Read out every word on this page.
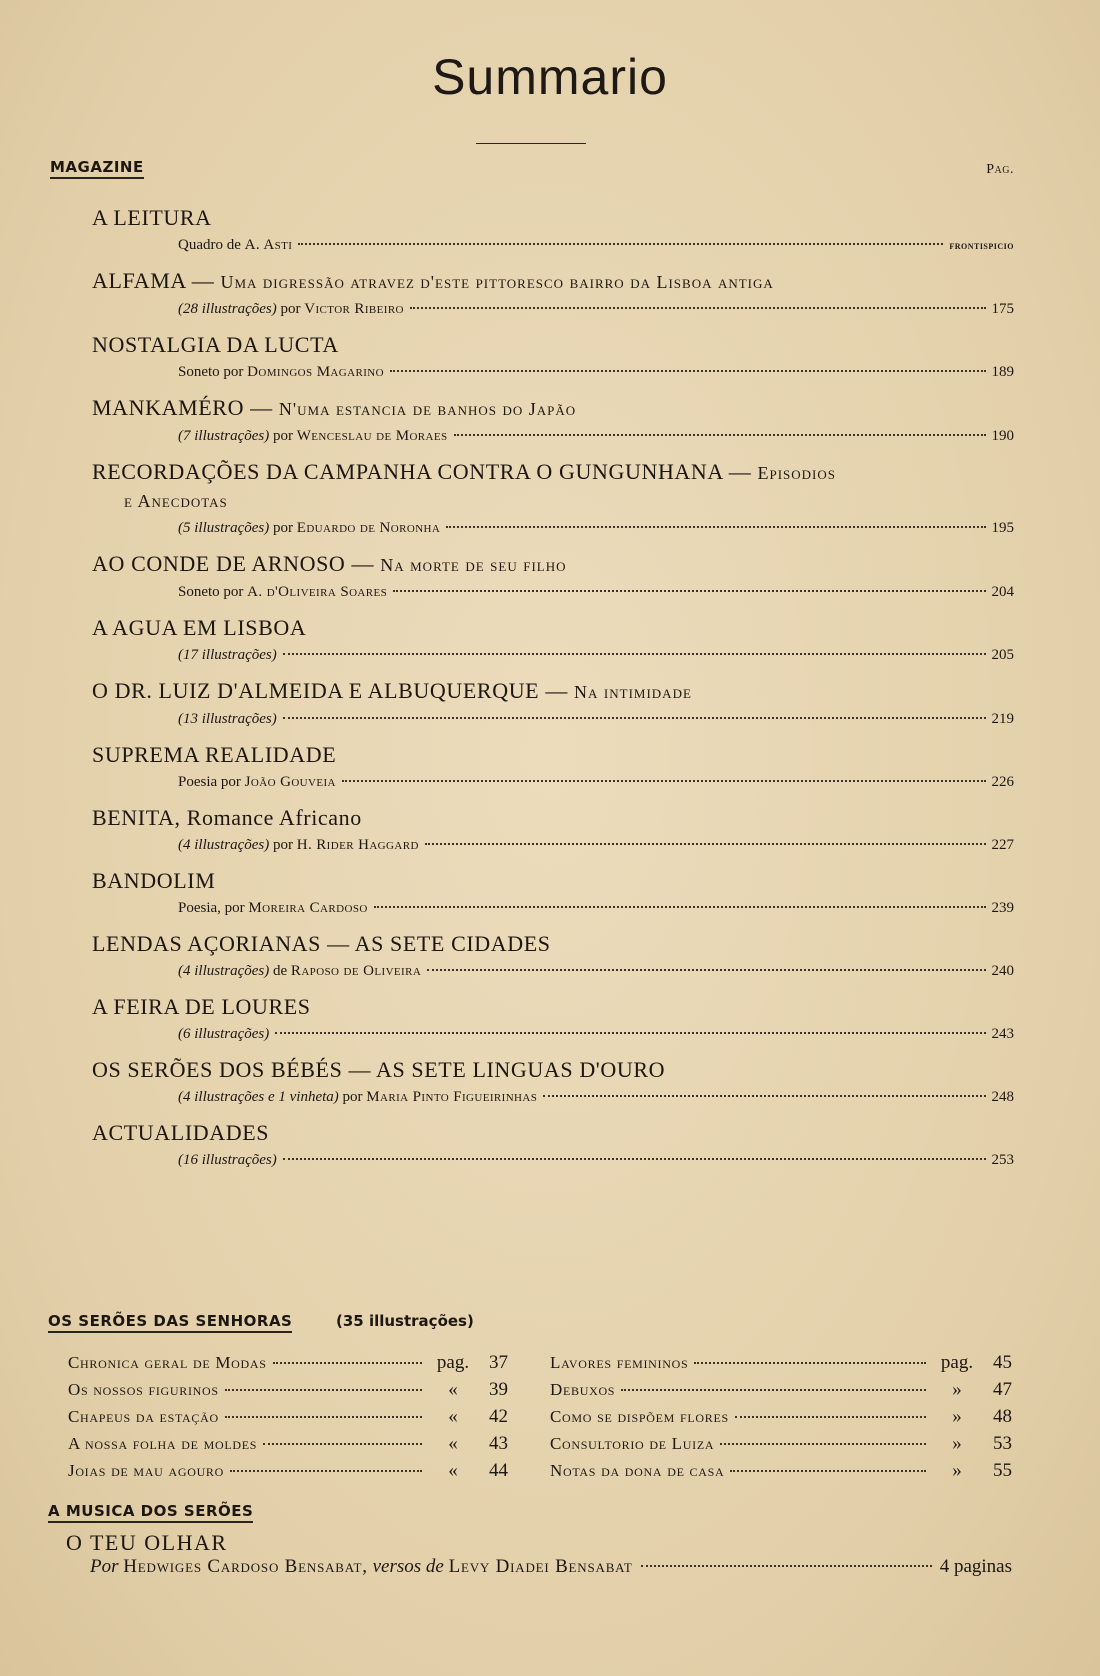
Summario
MAGAZINE	Pag.
A LEITURA
Quadro de A. Asti	frontispicio
ALFAMA — Uma digressão atravez d'este pittoresco bairro da Lisboa antiga
(28 illustrações) por Victor Ribeiro	175
NOSTALGIA DA LUCTA
Soneto por Domingos Magarino	189
MANKAMÉRO — N'uma estancia de banhos do Japão
(7 illustrações) por Wenceslau de Moraes	190
RECORDAÇÕES DA CAMPANHA CONTRA O GUNGUNHANA — Episodios
e Anecdotas
(5 illustrações) por Eduardo de Noronha	195
AO CONDE DE ARNOSO — Na morte de seu filho
Soneto por A. d'Oliveira Soares	204
A AGUA EM LISBOA
(17 illustrações)	205
O DR. LUIZ D'ALMEIDA E ALBUQUERQUE — Na intimidade
(13 illustrações)	219
SUPREMA REALIDADE
Poesia por João Gouveia	226
BENITA, Romance Africano
(4 illustrações) por H. Rider Haggard	227
BANDOLIM
Poesia, por Moreira Cardoso	239
LENDAS AÇORIANAS — AS SETE CIDADES
(4 illustrações) de Raposo de Oliveira	240
A FEIRA DE LOURES
(6 illustrações)	243
OS SERÕES DOS BÉBÉS — AS SETE LINGUAS D'OURO
(4 illustrações e 1 vinheta) por Maria Pinto Figueirinhas	248
ACTUALIDADES
(16 illustrações)	253
OS SERÕES DAS SENHORAS	(35 illustrações)
Chronica geral de Modas	pag.	37
Os nossos figurinos	«	39
Chapeus da estação	«	42
A nossa folha de moldes	«	43
Joias de mau agouro	«	44
Lavores femininos	pag.	45
Debuxos	»	47
Como se dispõem flores	»	48
Consultorio de Luiza	»	53
Notas da dona de casa	»	55
A MUSICA DOS SERÕES
O TEU OLHAR
Por
Hedwiges Cardoso Bensabat,
versos de
Levy Diadei Bensabat	4 paginas
